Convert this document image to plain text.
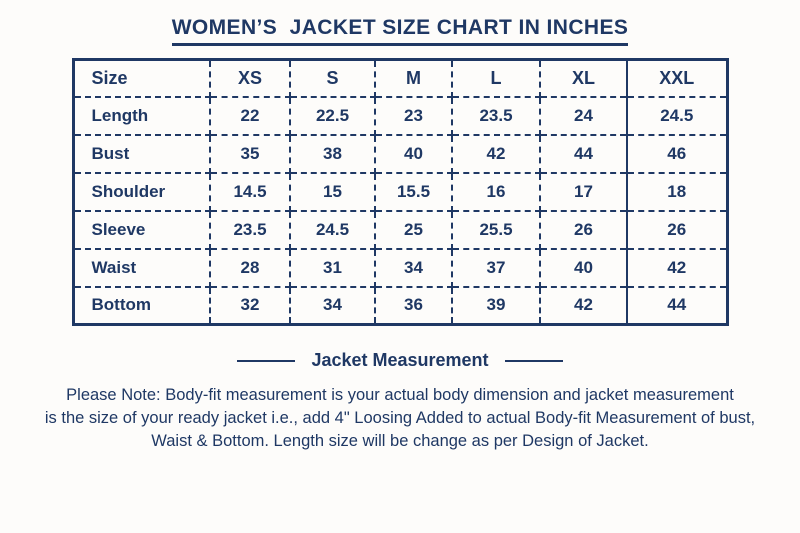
WOMEN’S  JACKET SIZE CHART IN INCHES
Size	XS	S	M	L	XL	XXL
Length	22	22.5	23	23.5	24	24.5
Bust	35	38	40	42	44	46
Shoulder	14.5	15	15.5	16	17	18
Sleeve	23.5	24.5	25	25.5	26	26
Waist	28	31	34	37	40	42
Bottom	32	34	36	39	42	44
Jacket Measurement
Please Note: Body-fit measurement is your actual body dimension and jacket measurement
is the size of your ready jacket i.e., add 4" Loosing Added to actual Body-fit Measurement of bust,
Waist & Bottom. Length size will be change as per Design of Jacket.
